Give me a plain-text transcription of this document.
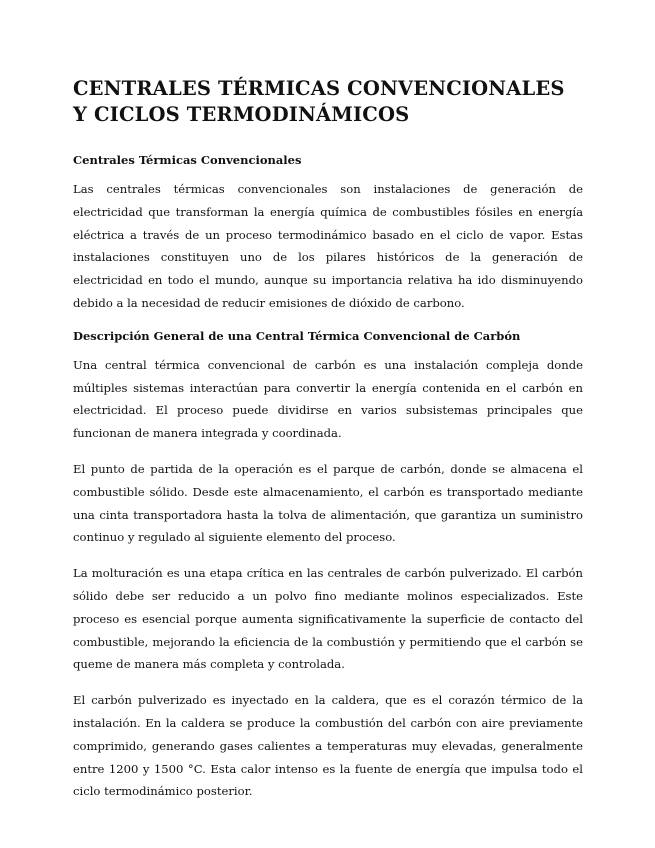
CENTRALES TÉRMICAS CONVENCIONALES Y CICLOS TERMODINÁMICOS
Centrales Térmicas Convencionales

Las centrales térmicas convencionales son instalaciones de generación de electricidad que transforman la energía química de combustibles fósiles en energía eléctrica a través de un proceso termodinámico basado en el ciclo de vapor. Estas instalaciones constituyen uno de los pilares históricos de la generación de electricidad en todo el mundo, aunque su importancia relativa ha ido disminuyendo debido a la necesidad de reducir emisiones de dióxido de carbono.

Descripción General de una Central Térmica Convencional de Carbón

Una central térmica convencional de carbón es una instalación compleja donde múltiples sistemas interactúan para convertir la energía contenida en el carbón en electricidad. El proceso puede dividirse en varios subsistemas principales que funcionan de manera integrada y coordinada.

El punto de partida de la operación es el parque de carbón, donde se almacena el combustible sólido. Desde este almacenamiento, el carbón es transportado mediante una cinta transportadora hasta la tolva de alimentación, que garantiza un suministro continuo y regulado al siguiente elemento del proceso.

La molturación es una etapa crítica en las centrales de carbón pulverizado. El carbón sólido debe ser reducido a un polvo fino mediante molinos especializados. Este proceso es esencial porque aumenta significativamente la superficie de contacto del combustible, mejorando la eficiencia de la combustión y permitiendo que el carbón se queme de manera más completa y controlada.

El carbón pulverizado es inyectado en la caldera, que es el corazón térmico de la instalación. En la caldera se produce la combustión del carbón con aire previamente comprimido, generando gases calientes a temperaturas muy elevadas, generalmente entre 1200 y 1500 °C. Esta calor intenso es la fuente de energía que impulsa todo el ciclo termodinámico posterior.
